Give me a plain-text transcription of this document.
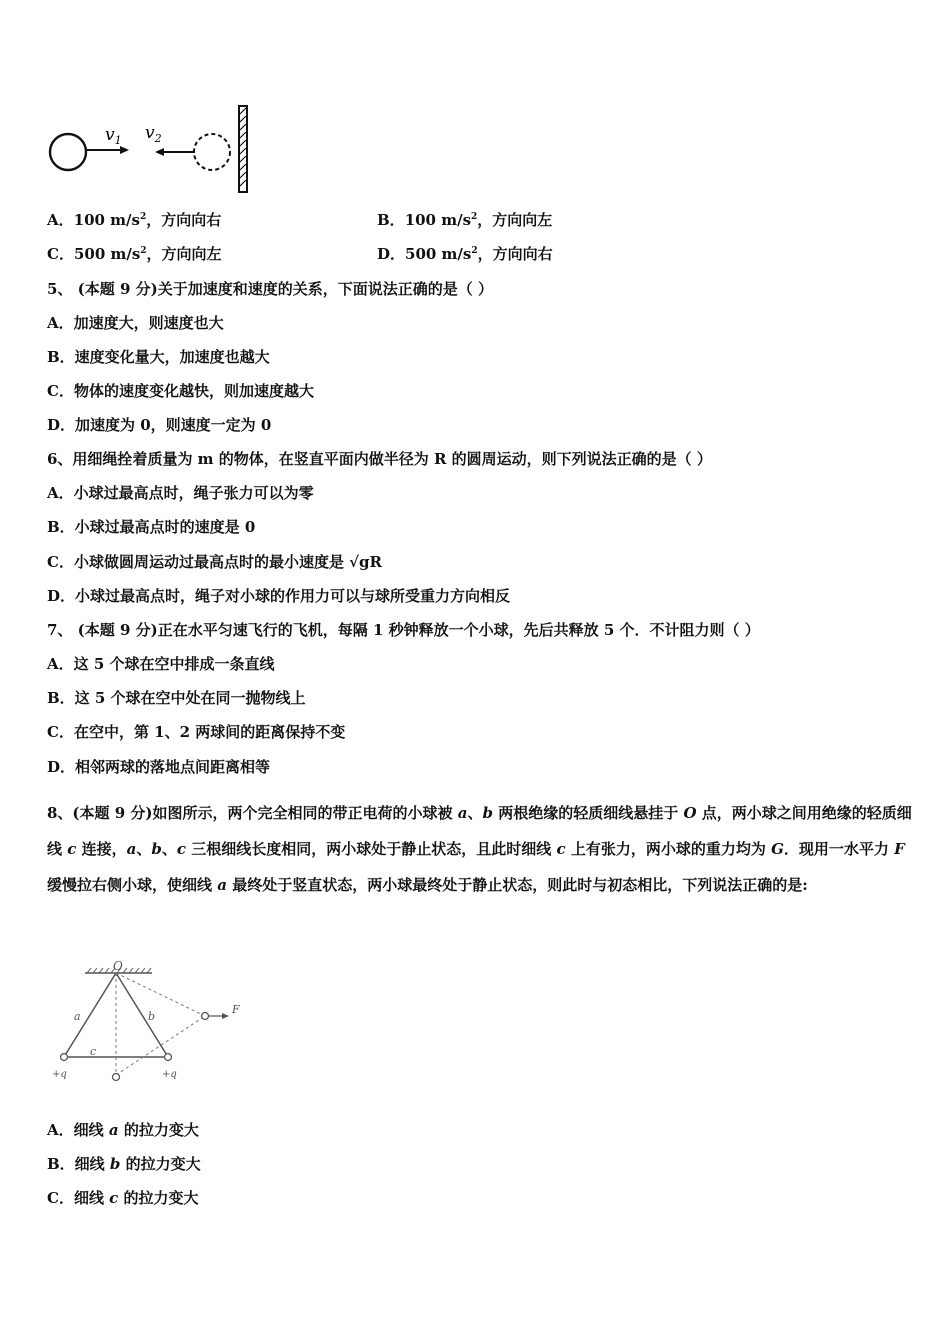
$v_1$ $v_2$
A．100 $m/s^2$，方向向右	B．100 $m/s^2$，方向向左
C．500 $m/s^2$，方向向左	D．500 $m/s^2$，方向向右
5、 (本题 9 分)关于加速度和速度的关系，下面说法正确的是（ ）
A．加速度大，则速度也大
B．速度变化量大，加速度也越大
C．物体的速度变化越快，则加速度越大
D．加速度为 0，则速度一定为 0
6、用细绳拴着质量为 m 的物体，在竖直平面内做半径为 R 的圆周运动，则下列说法正确的是（ ）
A．小球过最高点时，绳子张力可以为零
B．小球过最高点时的速度是 0
C．小球做圆周运动过最高点时的最小速度是 √gR
D．小球过最高点时，绳子对小球的作用力可以与球所受重力方向相反
7、 (本题 9 分)正在水平匀速飞行的飞机，每隔 1 秒钟释放一个小球，先后共释放 5 个．不计阻力则（ ）
A．这 5 个球在空中排成一条直线
B．这 5 个球在空中处在同一抛物线上
C．在空中，第 1、2 两球间的距离保持不变
D．相邻两球的落地点间距离相等
8、(本题 9 分)如图所示，两个完全相同的带正电荷的小球被 a、b 两根绝缘的轻质细线悬挂于 O 点，两小球之间用绝缘的轻质细线 c 连接，a、b、c 三根细线长度相同，两小球处于静止状态，且此时细线 c 上有张力，两小球的重力均为 G．现用一水平力 F 缓慢拉右侧小球，使细线 a 最终处于竖直状态，两小球最终处于静止状态，则此时与初态相比，下列说法正确的是:
O
a	b
c
F
+q	+q
A．细线 a 的拉力变大
B．细线 b 的拉力变大
C．细线 c 的拉力变大
